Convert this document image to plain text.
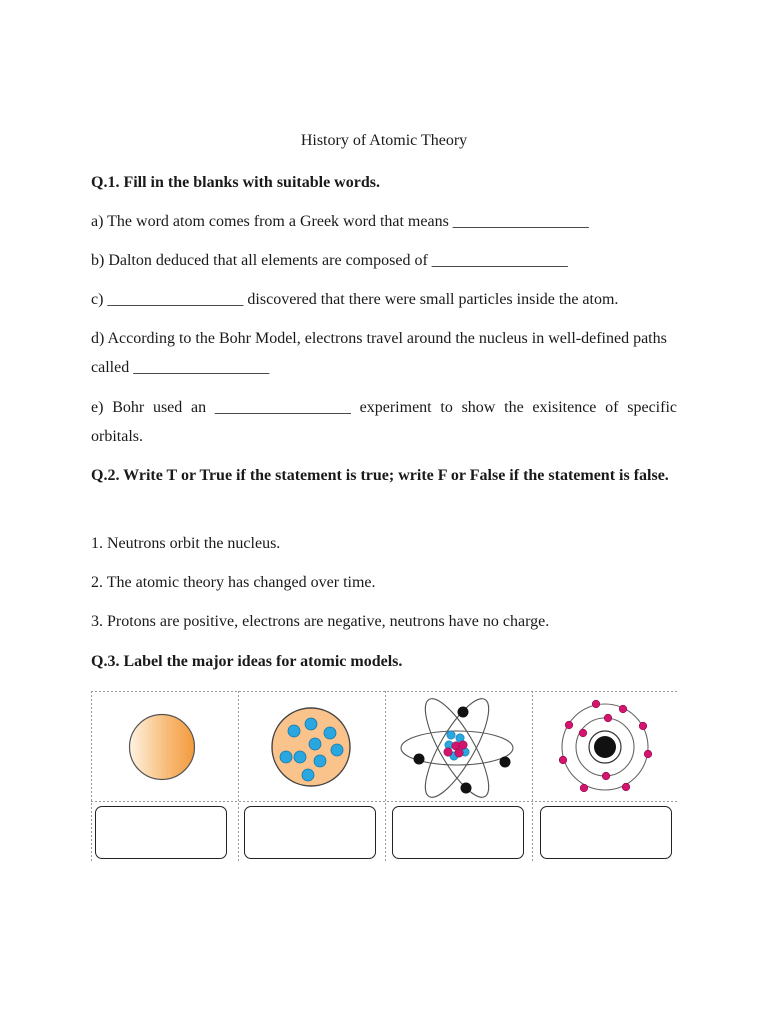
History of Atomic Theory
Q.1. Fill in the blanks with suitable words.
a) The word atom comes from a Greek word that means _________________
b) Dalton deduced that all elements are composed of _________________
c) _________________ discovered that there were small particles inside the atom.
d) According to the Bohr Model, electrons travel around the nucleus in well-defined paths called _________________
e) Bohr used an _________________ experiment to show the exisitence of specific orbitals.
Q.2. Write T or True if the statement is true; write F or False if the statement is false.
1. Neutrons orbit the nucleus.
2. The atomic theory has changed over time.
3. Protons are positive, electrons are negative, neutrons have no charge.
Q.3. Label the major ideas for atomic models.
